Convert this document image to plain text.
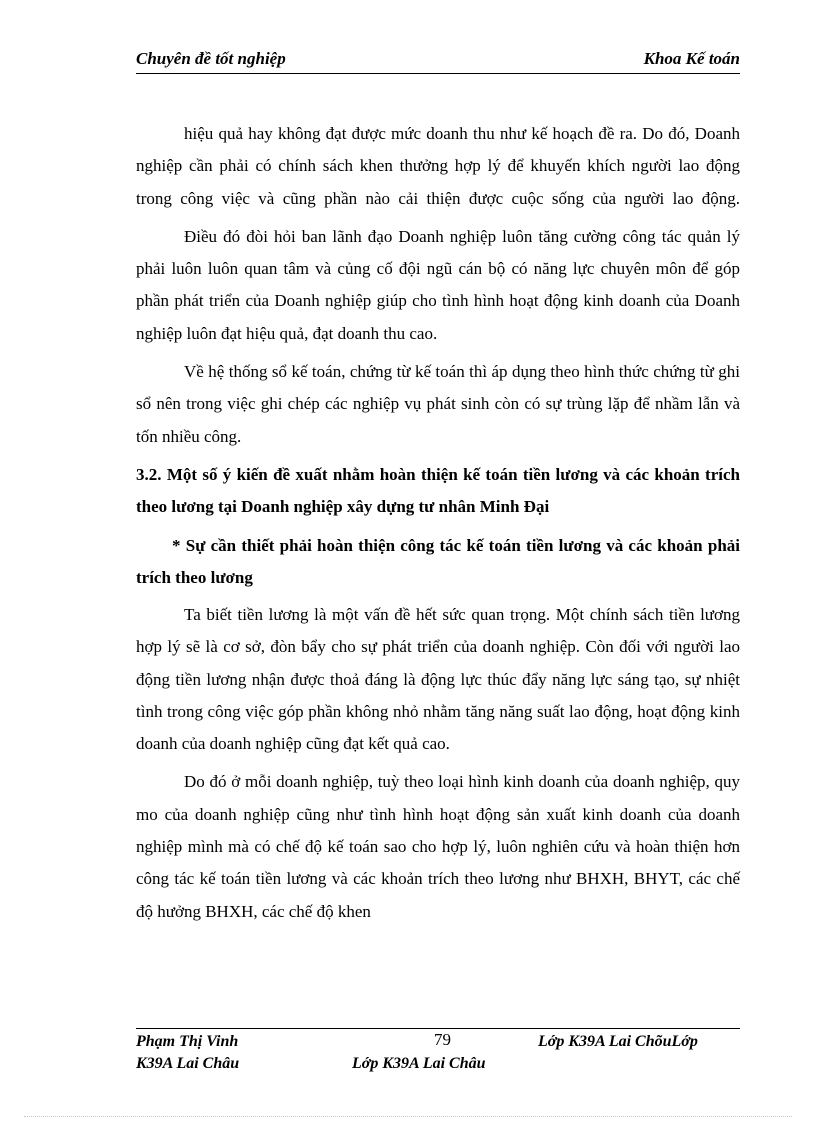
Chuyên đề tốt nghiệp	Khoa Kế toán

hiệu quả hay không đạt được mức doanh thu như kế hoạch đề ra. Do đó, Doanh nghiệp cần phải có chính sách khen thưởng hợp lý để khuyến khích người lao động trong công việc và cũng phần nào cải thiện được cuộc sống của người lao động.

Điều đó đòi hỏi ban lãnh đạo Doanh nghiệp luôn tăng cường công tác quản lý phải luôn luôn quan tâm và củng cố đội ngũ cán bộ có năng lực chuyên môn để góp phần phát triển của Doanh nghiệp giúp cho tình hình hoạt động kinh doanh của Doanh nghiệp luôn đạt hiệu quả, đạt doanh thu cao.

Về hệ thống sổ kế toán, chứng từ kế toán thì áp dụng theo hình thức chứng từ ghi sổ nên trong việc ghi chép các nghiệp vụ phát sinh còn có sự trùng lặp để nhầm lẫn và tốn nhiều công.

3.2. Một số ý kiến đề xuất nhằm hoàn thiện kế toán tiền lương và các khoản trích theo lương tại Doanh nghiệp xây dựng tư nhân Minh Đại
* Sự cần thiết phải hoàn thiện công tác kế toán tiền lương và các khoản phải trích theo lương

Ta biết tiền lương là một vấn đề hết sức quan trọng. Một chính sách tiền lương hợp lý sẽ là cơ sở, đòn bẩy cho sự phát triển của doanh nghiệp. Còn đối với người lao động tiền lương nhận được thoả đáng là động lực thúc đẩy năng lực sáng tạo, sự nhiệt tình trong công việc góp phần không nhỏ nhằm tăng năng suất lao động, hoạt động kinh doanh của doanh nghiệp cũng đạt kết quả cao.

Do đó ở mỗi doanh nghiệp, tuỳ theo loại hình kinh doanh của doanh nghiệp, quy mo của doanh nghiệp cũng như tình hình hoạt động sản xuất kinh doanh của doanh nghiệp mình mà có chế độ kế toán sao cho hợp lý, luôn nghiên cứu và hoàn thiện hơn công tác kế toán tiền lương và các khoản trích theo lương như BHXH, BHYT, các chế độ hưởng BHXH, các chế độ khen

Phạm Thị Vinh	79	Lớp K39A Lai ChõuLớp
K39A Lai Châu	Lớp K39A Lai Châu
